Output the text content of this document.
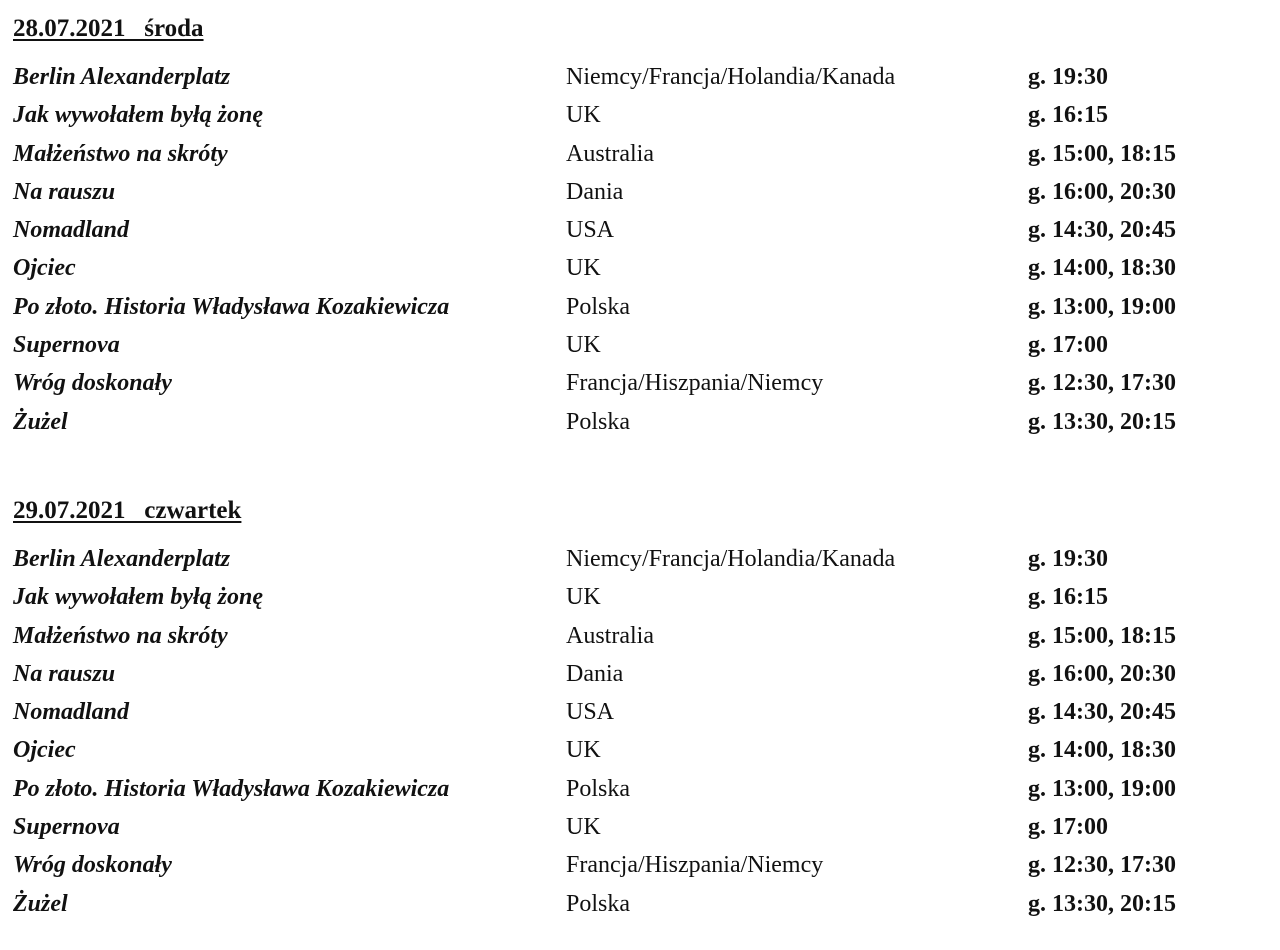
28.07.2021   środa
Berlin Alexanderplatz	Niemcy/Francja/Holandia/Kanada	g. 19:30
Jak wywołałem byłą żonę	UK	g. 16:15
Małżeństwo na skróty	Australia	g. 15:00, 18:15
Na rauszu	Dania	g. 16:00, 20:30
Nomadland	USA	g. 14:30, 20:45
Ojciec	UK	g. 14:00, 18:30
Po złoto. Historia Władysława Kozakiewicza	Polska	g. 13:00, 19:00
Supernova	UK	g. 17:00
Wróg doskonały	Francja/Hiszpania/Niemcy	g. 12:30, 17:30
Żużel	Polska	g. 13:30, 20:15
29.07.2021   czwartek
Berlin Alexanderplatz	Niemcy/Francja/Holandia/Kanada	g. 19:30
Jak wywołałem byłą żonę	UK	g. 16:15
Małżeństwo na skróty	Australia	g. 15:00, 18:15
Na rauszu	Dania	g. 16:00, 20:30
Nomadland	USA	g. 14:30, 20:45
Ojciec	UK	g. 14:00, 18:30
Po złoto. Historia Władysława Kozakiewicza	Polska	g. 13:00, 19:00
Supernova	UK	g. 17:00
Wróg doskonały	Francja/Hiszpania/Niemcy	g. 12:30, 17:30
Żużel	Polska	g. 13:30, 20:15
